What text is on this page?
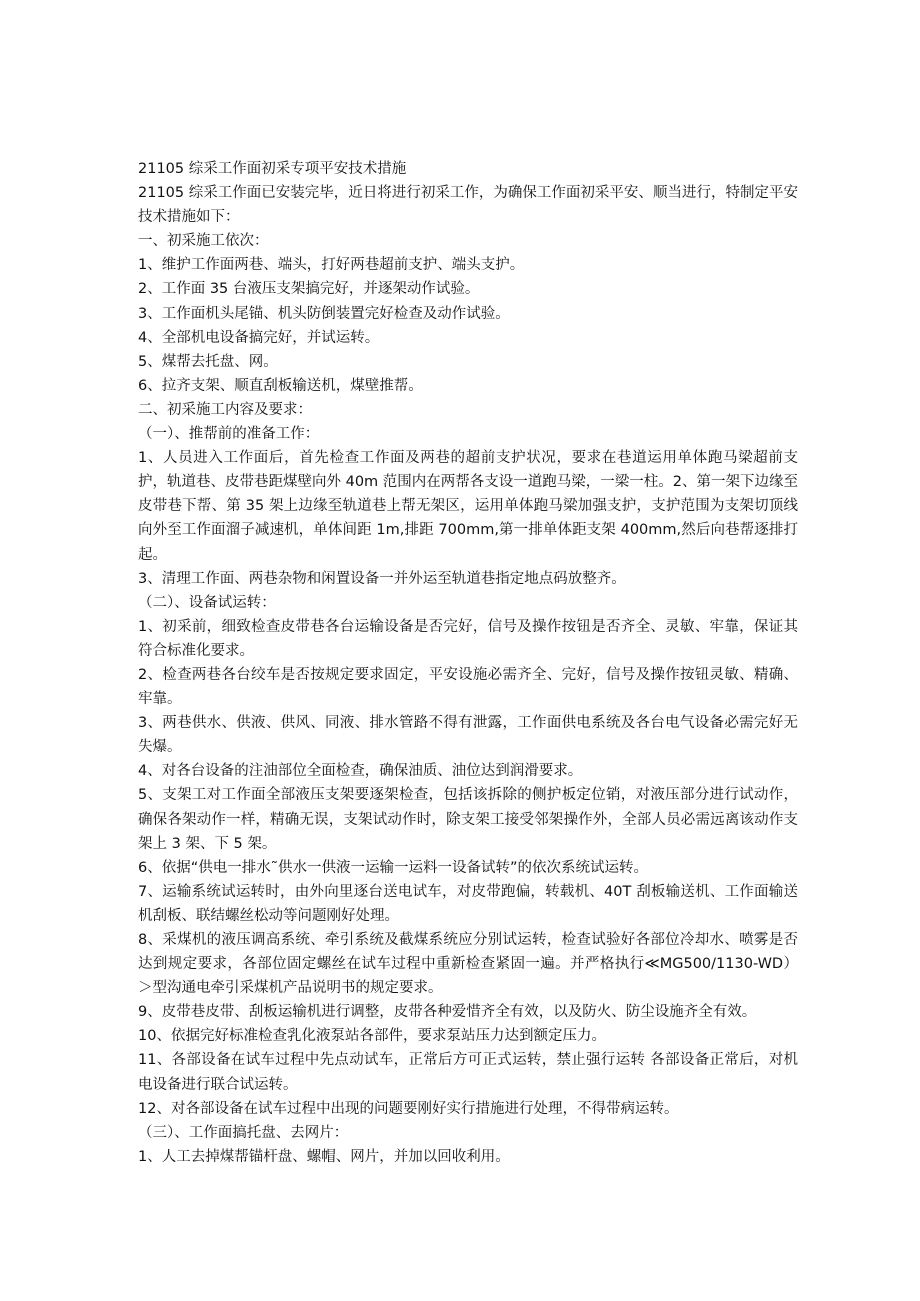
21105 综采工作面初采专项平安技术措施

21105 综采工作面已安装完毕，近日将进行初采工作，为确保工作面初采平安、顺当进行，特制定平安技术措施如下：

一、初采施工依次：

1、维护工作面两巷、端头，打好两巷超前支护、端头支护。

2、工作面 35 台液压支架搞完好，并逐架动作试验。

3、工作面机头尾锚、机头防倒装置完好检查及动作试验。

4、全部机电设备搞完好，并试运转。

5、煤帮去托盘、网。

6、拉齐支架、顺直刮板输送机，煤壁推帮。

二、初采施工内容及要求：

（一）、推帮前的准备工作：

1、人员进入工作面后，首先检查工作面及两巷的超前支护状况，要求在巷道运用单体跑马梁超前支护，轨道巷、皮带巷距煤壁向外 40m 范围内在两帮各支设一道跑马梁，一梁一柱。2、第一架下边缘至皮带巷下帮、第 35 架上边缘至轨道巷上帮无架区，运用单体跑马梁加强支护，支护范围为支架切顶线向外至工作面溜子减速机，单体间距 1m,排距 700mm,第一排单体距支架 400mm,然后向巷帮逐排打起。

3、清理工作面、两巷杂物和闲置设备一并外运至轨道巷指定地点码放整齐。

（二）、设备试运转：

1、初采前，细致检查皮带巷各台运输设备是否完好，信号及操作按钮是否齐全、灵敏、牢靠，保证其符合标准化要求。

2、检查两巷各台绞车是否按规定要求固定，平安设施必需齐全、完好，信号及操作按钮灵敏、精确、牢靠。

3、两巷供水、供液、供风、同液、排水管路不得有泄露，工作面供电系统及各台电气设备必需完好无失爆。

4、对各台设备的注油部位全面检查，确保油质、油位达到润滑要求。

5、支架工对工作面全部液压支架要逐架检查，包括该拆除的侧护板定位销，对液压部分进行试动作，确保各架动作一样，精确无误，支架试动作时，除支架工接受邻架操作外，全部人员必需远离该动作支架上 3 架、下 5 架。

6、依据“供电一排水˜供水一供液一运输一运料一设备试转”的依次系统试运转。

7、运输系统试运转时，由外向里逐台送电试车，对皮带跑偏，转载机、40T 刮板输送机、工作面输送机刮板、联结螺丝松动等问题刚好处理。

8、采煤机的液压调高系统、牵引系统及截煤系统应分别试运转，检查试验好各部位冷却水、喷雾是否达到规定要求，各部位固定螺丝在试车过程中重新检查紧固一遍。并严格执行≪MG500/1130-WD）＞型沟通电牵引采煤机产品说明书的规定要求。

9、皮带巷皮带、刮板运输机进行调整，皮带各种爱惜齐全有效，以及防火、防尘设施齐全有效。

10、依据完好标准检查乳化液泵站各部件，要求泵站压力达到额定压力。

11、各部设备在试车过程中先点动试车，正常后方可正式运转，禁止强行运转 各部设备正常后，对机电设备进行联合试运转。

12、对各部设备在试车过程中出现的问题要刚好实行措施进行处理，不得带病运转。

（三）、工作面搞托盘、去网片：

1、人工去掉煤帮锚杆盘、螺帽、网片，并加以回收利用。
